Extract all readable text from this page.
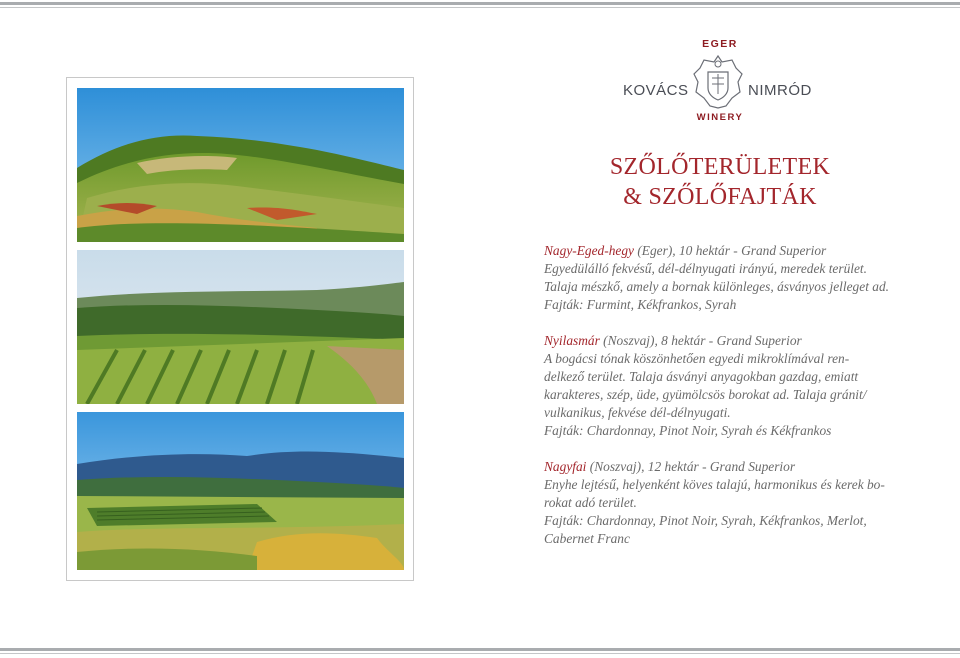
EGER
KOVÁCS	NIMRÓD
WINERY
SZŐLŐTERÜLETEK
& SZŐLŐFAJTÁK

Nagy-Eged-hegy (Eger), 10 hektár - Grand Superior

Egyedülálló fekvésű, dél-délnyugati irányú, meredek terület.

Talaja mészkő, amely a bornak különleges, ásványos jelleget ad.

Fajták: Furmint, Kékfrankos, Syrah

Nyilasmár (Noszvaj), 8 hektár - Grand Superior

A bogácsi tónak köszönhetően egyedi mikroklímával ren-

delkező terület. Talaja ásványi anyagokban gazdag, emiatt

karakteres, szép, üde, gyümölcsös borokat ad. Talaja gránit/

vulkanikus, fekvése dél-délnyugati.

Fajták: Chardonnay, Pinot Noir, Syrah és Kékfrankos

Nagyfai (Noszvaj), 12 hektár - Grand Superior

Enyhe lejtésű, helyenként köves talajú, harmonikus és kerek bo-

rokat adó terület.

Fajták: Chardonnay, Pinot Noir, Syrah, Kékfrankos, Merlot,

Cabernet Franc
